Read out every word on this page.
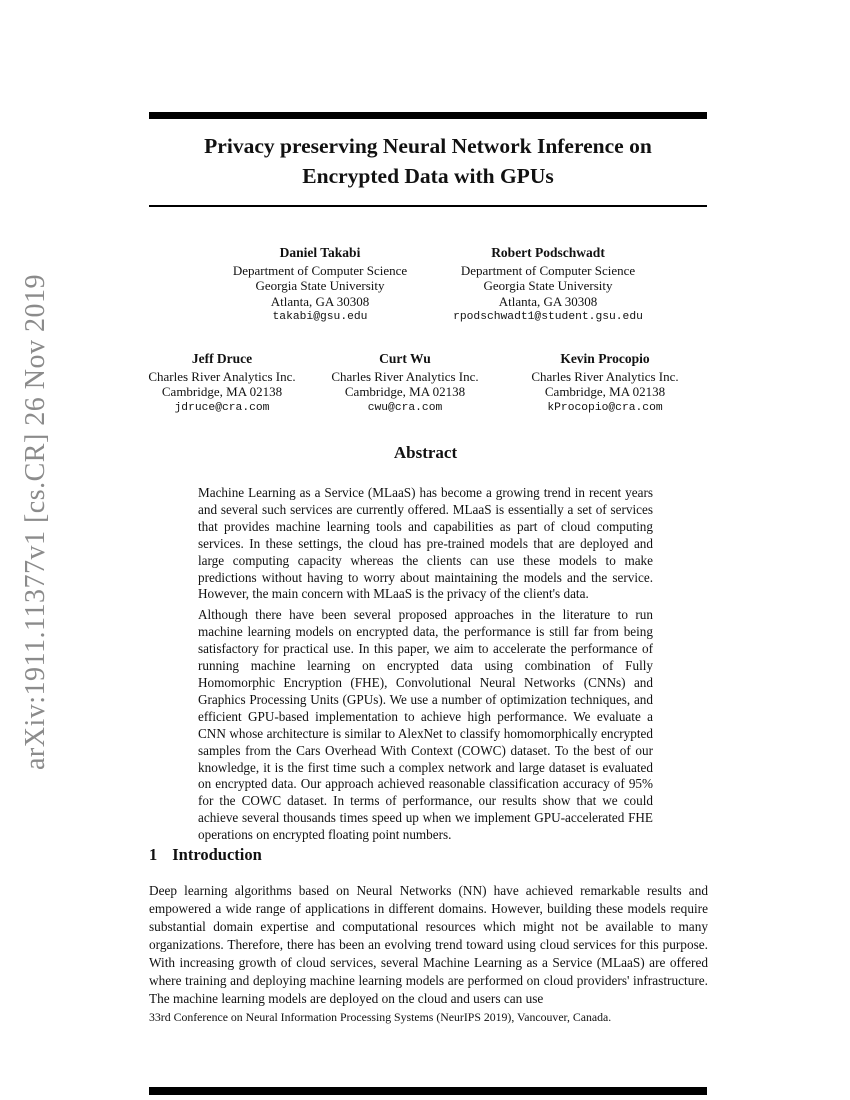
arXiv:1911.11377v1 [cs.CR] 26 Nov 2019
Privacy preserving Neural Network Inference on
Encrypted Data with GPUs
Daniel Takabi
Department of Computer Science
Georgia State University
Atlanta, GA 30308
takabi@gsu.edu
Robert Podschwadt
Department of Computer Science
Georgia State University
Atlanta, GA 30308
rpodschwadt1@student.gsu.edu
Jeff Druce
Charles River Analytics Inc.
Cambridge, MA 02138
jdruce@cra.com
Curt Wu
Charles River Analytics Inc.
Cambridge, MA 02138
cwu@cra.com
Kevin Procopio
Charles River Analytics Inc.
Cambridge, MA 02138
kProcopio@cra.com
Abstract

Machine Learning as a Service (MLaaS) has become a growing trend in recent years and several such services are currently offered. MLaaS is essentially a set of services that provides machine learning tools and capabilities as part of cloud computing services. In these settings, the cloud has pre-trained models that are deployed and large computing capacity whereas the clients can use these models to make predictions without having to worry about maintaining the models and the service. However, the main concern with MLaaS is the privacy of the client's data.

Although there have been several proposed approaches in the literature to run machine learning models on encrypted data, the performance is still far from being satisfactory for practical use. In this paper, we aim to accelerate the performance of running machine learning on encrypted data using combination of Fully Homomorphic Encryption (FHE), Convolutional Neural Networks (CNNs) and Graphics Processing Units (GPUs). We use a number of optimization techniques, and efficient GPU-based implementation to achieve high performance. We evaluate a CNN whose architecture is similar to AlexNet to classify homomorphically encrypted samples from the Cars Overhead With Context (COWC) dataset. To the best of our knowledge, it is the first time such a complex network and large dataset is evaluated on encrypted data. Our approach achieved reasonable classification accuracy of 95% for the COWC dataset. In terms of performance, our results show that we could achieve several thousands times speed up when we implement GPU-accelerated FHE operations on encrypted floating point numbers.

1 Introduction
Deep learning algorithms based on Neural Networks (NN) have achieved remarkable results and empowered a wide range of applications in different domains. However, building these models require substantial domain expertise and computational resources which might not be available to many organizations. Therefore, there has been an evolving trend toward using cloud services for this purpose. With increasing growth of cloud services, several Machine Learning as a Service (MLaaS) are offered where training and deploying machine learning models are performed on cloud providers' infrastructure. The machine learning models are deployed on the cloud and users can use
33rd Conference on Neural Information Processing Systems (NeurIPS 2019), Vancouver, Canada.
